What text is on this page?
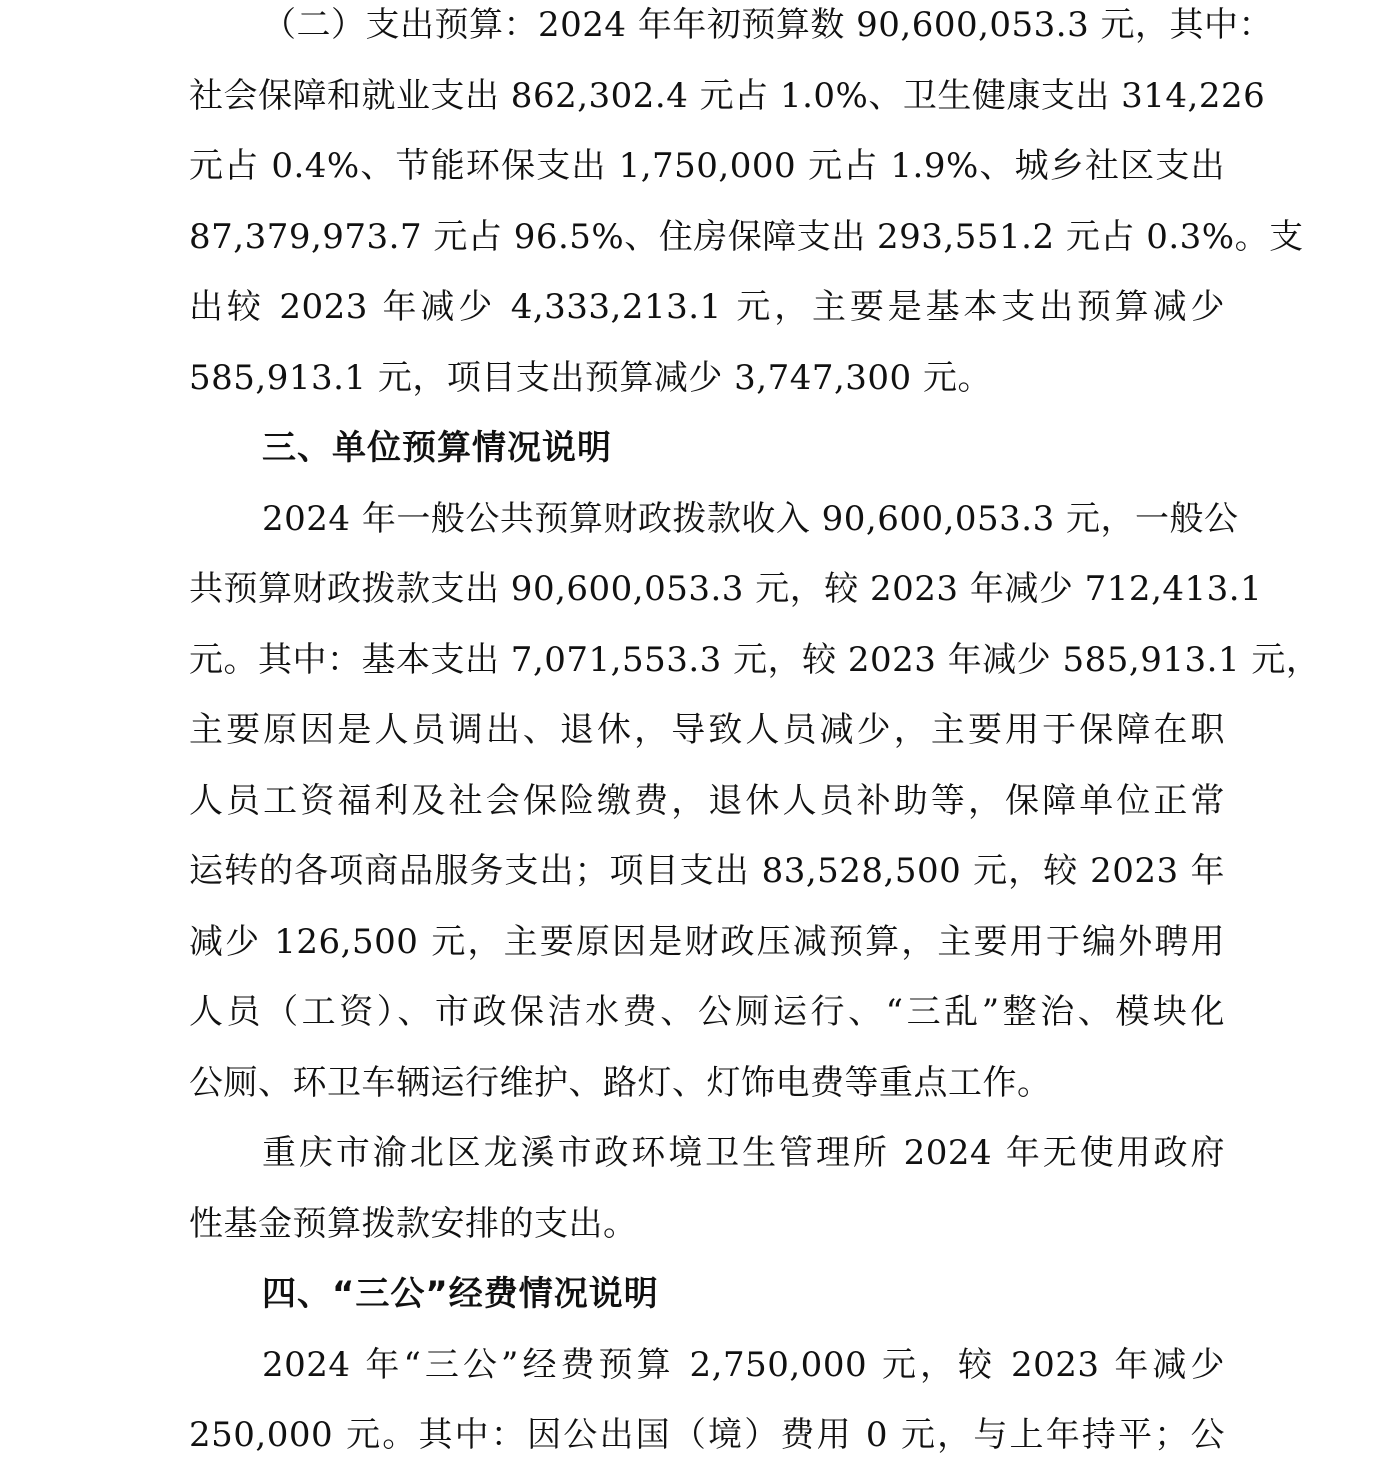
（二）支出预算：2024 年年初预算数 90,600,053.3 元，其中：
社会保障和就业支出 862,302.4 元占 1.0%、卫生健康支出 314,226
元占 0.4%、节能环保支出 1,750,000 元占 1.9%、城乡社区支出
87,379,973.7 元占 96.5%、住房保障支出 293,551.2 元占 0.3%。支
出较 2023 年减少 4,333,213.1 元，主要是基本支出预算减少
585,913.1 元，项目支出预算减少 3,747,300 元。
三、单位预算情况说明
2024 年一般公共预算财政拨款收入 90,600,053.3 元，一般公
共预算财政拨款支出 90,600,053.3 元，较 2023 年减少 712,413.1
元。其中：基本支出 7,071,553.3 元，较 2023 年减少 585,913.1 元，
主要原因是人员调出、退休，导致人员减少，主要用于保障在职
人员工资福利及社会保险缴费，退休人员补助等，保障单位正常
运转的各项商品服务支出；项目支出 83,528,500 元，较 2023 年
减少 126,500 元，主要原因是财政压减预算，主要用于编外聘用
人员（工资）、市政保洁水费、公厕运行、“三乱”整治、模块化
公厕、环卫车辆运行维护、路灯、灯饰电费等重点工作。
重庆市渝北区龙溪市政环境卫生管理所 2024 年无使用政府
性基金预算拨款安排的支出。
四、“三公”经费情况说明
2024 年“三公”经费预算 2,750,000 元，较 2023 年减少
250,000 元。其中：因公出国（境）费用 0 元，与上年持平；公
